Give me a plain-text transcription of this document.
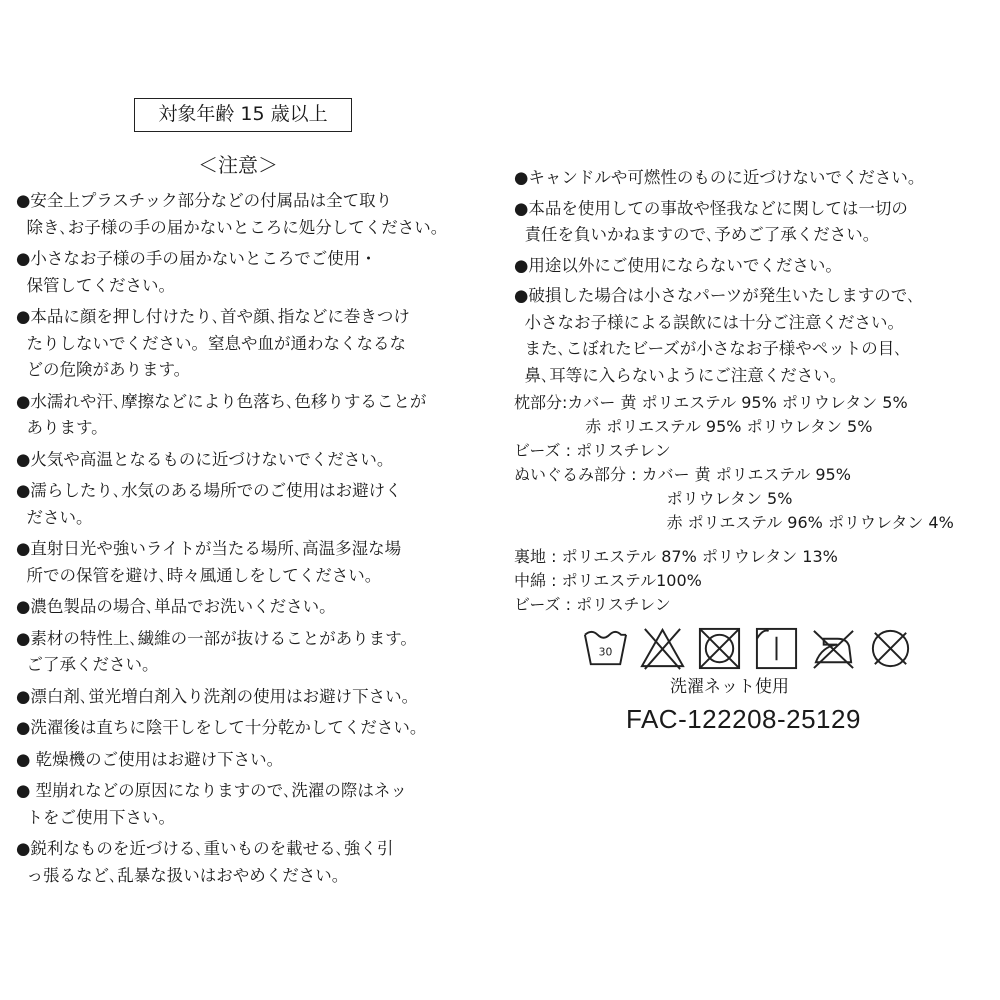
対象年齢 15 歳以上
＜注意＞

●安全上プラスチック部分などの付属品は全て取り
除き､お子様の手の届かないところに処分してください。

●小さなお子様の手の届かないところでご使用・
保管してください。

●本品に顔を押し付けたり､首や顔､指などに巻きつけ
たりしないでください。窒息や血が通わなくなるな
どの危険があります。

●水濡れや汗､摩擦などにより色落ち､色移りすることが
あります。

●火気や高温となるものに近づけないでください。

●濡らしたり､水気のある場所でのご使用はお避けく
ださい。

●直射日光や強いライトが当たる場所､高温多湿な場
所での保管を避け､時々風通しをしてください。

●濃色製品の場合､単品でお洗いください。

●素材の特性上､繊維の一部が抜けることがあります。
ご了承ください。

●漂白剤､蛍光増白剤入り洗剤の使用はお避け下さい。

●洗濯後は直ちに陰干しをして十分乾かしてください。

● 乾燥機のご使用はお避け下さい。

● 型崩れなどの原因になりますので､洗濯の際はネッ
トをご使用下さい。

●鋭利なものを近づける､重いものを載せる､強く引
っ張るなど､乱暴な扱いはおやめください。

●キャンドルや可燃性のものに近づけないでください。

●本品を使用しての事故や怪我などに関しては一切の
責任を負いかねますので､予めご了承ください。

●用途以外にご使用にならないでください。

●破損した場合は小さなパーツが発生いたしますので､
小さなお子様による誤飲には十分ご注意ください。
また､こぼれたビーズが小さなお子様やペットの目､
鼻､耳等に入らないようにご注意ください。

枕部分:カバー 黄 ポリエステル 95% ポリウレタン 5%

赤 ポリエステル 95% ポリウレタン 5%

ビーズ : ポリスチレン

ぬいぐるみ部分 : カバー 黄 ポリエステル 95%

ポリウレタン 5%

赤 ポリエステル 96% ポリウレタン 4%

裏地 : ポリエステル 87% ポリウレタン 13%

中綿 : ポリエステル100%

ビーズ : ポリスチレン

30
洗濯ネット使用
FAC-122208-25129
